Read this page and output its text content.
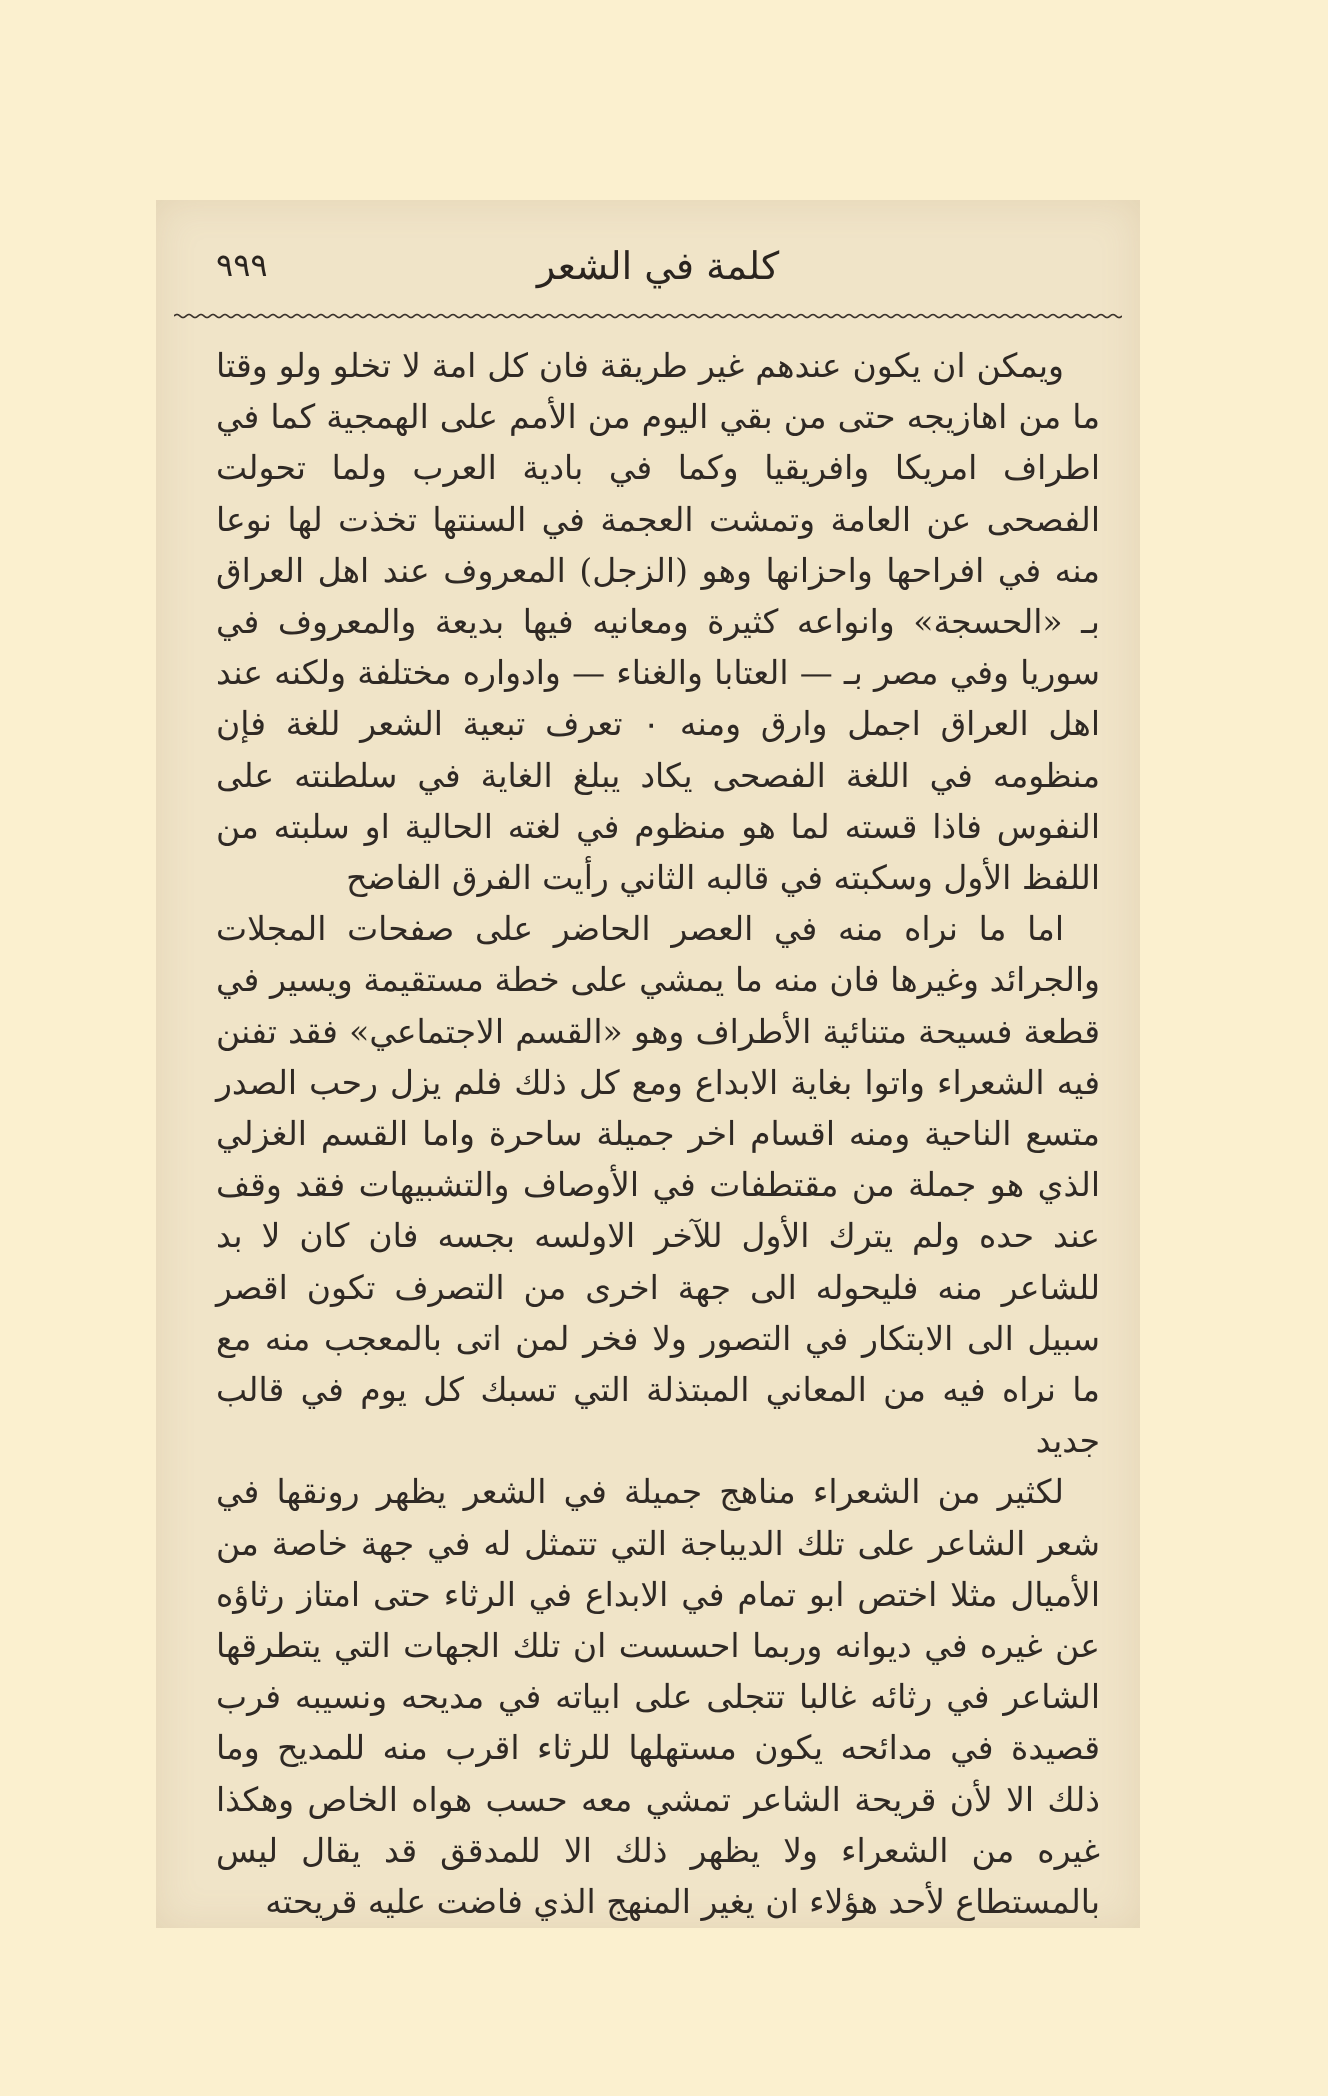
كلمة في الشعر
٩٩٩

ويمكن ان يكون عندهم غير طريقة فان كل امة لا تخلو ولو وقتا ما من اهازيجه حتى من بقي اليوم من الأمم على الهمجية كما في اطراف امريكا وافريقيا وكما في بادية العرب ولما تحولت الفصحى عن العامة وتمشت العجمة في السنتها تخذت لها نوعا منه في افراحها واحزانها وهو (الزجل) المعروف عند اهل العراق بـ «الحسجة» وانواعه كثيرة ومعانيه فيها بديعة والمعروف في سوريا وفي مصر بـ — العتابا والغناء — وادواره مختلفة ولكنه عند اهل العراق اجمل وارق ومنه ٠ تعرف تبعية الشعر للغة فإن منظومه في اللغة الفصحى يكاد يبلغ الغاية في سلطنته على النفوس فاذا قسته لما هو منظوم في لغته الحالية او سلبته من اللفظ الأول وسكبته في قالبه الثاني رأيت الفرق الفاضح

اما ما نراه منه في العصر الحاضر على صفحات المجلات والجرائد وغيرها فان منه ما يمشي على خطة مستقيمة ويسير في قطعة فسيحة متنائية الأطراف وهو «القسم الاجتماعي» فقد تفنن فيه الشعراء واتوا بغاية الابداع ومع كل ذلك فلم يزل رحب الصدر متسع الناحية ومنه اقسام اخر جميلة ساحرة واما القسم الغزلي الذي هو جملة من مقتطفات في الأوصاف والتشبيهات فقد وقف عند حده ولم يترك الأول للآخر الاولسه بجسه فان كان لا بد للشاعر منه فليحوله الى جهة اخرى من التصرف تكون اقصر سبيل الى الابتكار في التصور ولا فخر لمن اتى بالمعجب منه مع ما نراه فيه من المعاني المبتذلة التي تسبك كل يوم في قالب جديد

لكثير من الشعراء مناهج جميلة في الشعر يظهر رونقها في شعر الشاعر على تلك الديباجة التي تتمثل له في جهة خاصة من الأميال مثلا اختص ابو تمام في الابداع في الرثاء حتى امتاز رثاؤه عن غيره في ديوانه وربما احسست ان تلك الجهات التي يتطرقها الشاعر في رثائه غالبا تتجلى على ابياته في مديحه ونسيبه فرب قصيدة في مدائحه يكون مستهلها للرثاء اقرب منه للمديح وما ذلك الا لأن قريحة الشاعر تمشي معه حسب هواه الخاص وهكذا غيره من الشعراء ولا يظهر ذلك الا للمدقق قد يقال ليس بالمستطاع لأحد هؤلاء ان يغير المنهج الذي فاضت عليه قريحته
